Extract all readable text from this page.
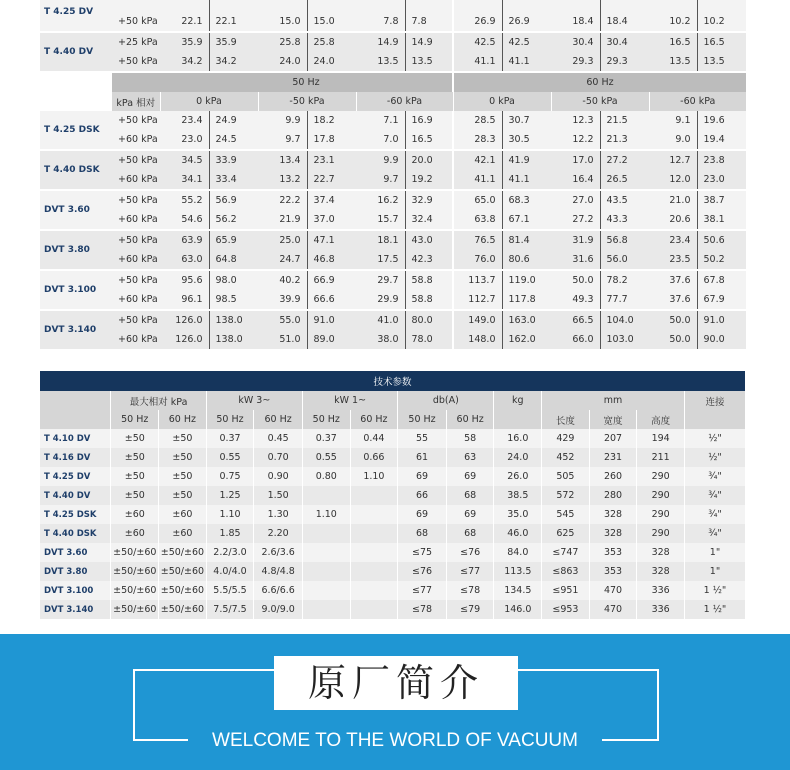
T 4.25 DV													
	+50 kPa	22.1	22.1	15.0	15.0	7.8	7.8	26.9	26.9	18.4	18.4	10.2	10.2
T 4.40 DV	+25 kPa	35.9	35.9	25.8	25.8	14.9	14.9	42.5	42.5	30.4	30.4	16.5	16.5
	+50 kPa	34.2	34.2	24.0	24.0	13.5	13.5	41.1	41.1	29.3	29.3	13.5	13.5
		50 Hz						60 Hz					
	kPa 相对	0 kPa		-50 kPa		-60 kPa		0 kPa		-50 kPa		-60 kPa	
T 4.25 DSK	+50 kPa	23.4	24.9	9.9	18.2	7.1	16.9	28.5	30.7	12.3	21.5	9.1	19.6
	+60 kPa	23.0	24.5	9.7	17.8	7.0	16.5	28.3	30.5	12.2	21.3	9.0	19.4
T 4.40 DSK	+50 kPa	34.5	33.9	13.4	23.1	9.9	20.0	42.1	41.9	17.0	27.2	12.7	23.8
	+60 kPa	34.1	33.4	13.2	22.7	9.7	19.2	41.1	41.1	16.4	26.5	12.0	23.0
DVT 3.60	+50 kPa	55.2	56.9	22.2	37.4	16.2	32.9	65.0	68.3	27.0	43.5	21.0	38.7
	+60 kPa	54.6	56.2	21.9	37.0	15.7	32.4	63.8	67.1	27.2	43.3	20.6	38.1
DVT 3.80	+50 kPa	63.9	65.9	25.0	47.1	18.1	43.0	76.5	81.4	31.9	56.8	23.4	50.6
	+60 kPa	63.0	64.8	24.7	46.8	17.5	42.3	76.0	80.6	31.6	56.0	23.5	50.2
DVT 3.100	+50 kPa	95.6	98.0	40.2	66.9	29.7	58.8	113.7	119.0	50.0	78.2	37.6	67.8
	+60 kPa	96.1	98.5	39.9	66.6	29.9	58.8	112.7	117.8	49.3	77.7	37.6	67.9
DVT 3.140	+50 kPa	126.0	138.0	55.0	91.0	41.0	80.0	149.0	163.0	66.5	104.0	50.0	91.0
	+60 kPa	126.0	138.0	51.0	89.0	38.0	78.0	148.0	162.0	66.0	103.0	50.0	90.0
技术参数													
	最大相对 kPa		kW 3~		kW 1~		db(A)		kg	mm			连接
	50 Hz	60 Hz	50 Hz	60 Hz	50 Hz	60 Hz	50 Hz	60 Hz		长度	宽度	高度	
T 4.10 DV	±50	±50	0.37	0.45	0.37	0.44	55	58	16.0	429	207	194	½"
T 4.16 DV	±50	±50	0.55	0.70	0.55	0.66	61	63	24.0	452	231	211	½"
T 4.25 DV	±50	±50	0.75	0.90	0.80	1.10	69	69	26.0	505	260	290	¾"
T 4.40 DV	±50	±50	1.25	1.50			66	68	38.5	572	280	290	¾"
T 4.25 DSK	±60	±60	1.10	1.30	1.10		69	69	35.0	545	328	290	¾"
T 4.40 DSK	±60	±60	1.85	2.20			68	68	46.0	625	328	290	¾"
DVT 3.60	±50/±60	±50/±60	2.2/3.0	2.6/3.6			≤75	≤76	84.0	≤747	353	328	1"
DVT 3.80	±50/±60	±50/±60	4.0/4.0	4.8/4.8			≤76	≤77	113.5	≤863	353	328	1"
DVT 3.100	±50/±60	±50/±60	5.5/5.5	6.6/6.6			≤77	≤78	134.5	≤951	470	336	1 ½"
DVT 3.140	±50/±60	±50/±60	7.5/7.5	9.0/9.0			≤78	≤79	146.0	≤953	470	336	1 ½"
原厂简介
WELCOME TO THE WORLD OF VACUUM
